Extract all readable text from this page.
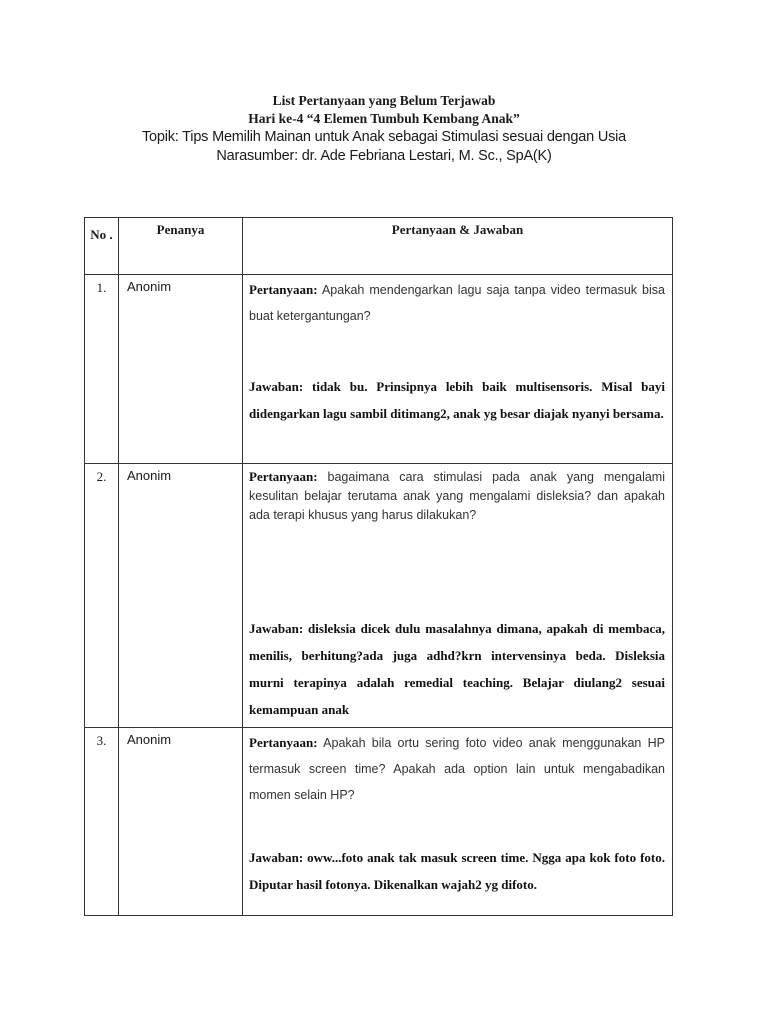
List Pertanyaan yang Belum Terjawab
Hari ke-4 “4 Elemen Tumbuh Kembang Anak”
Topik: Tips Memilih Mainan untuk Anak sebagai Stimulasi sesuai dengan Usia
Narasumber: dr. Ade Febriana Lestari, M. Sc., SpA(K)
No .	Penanya	Pertanyaan & Jawaban
1.	Anonim	Pertanyaan: Apakah mendengarkan lagu saja tanpa video termasuk bisa buat ketergantungan?
Jawaban: tidak bu. Prinsipnya lebih baik multisensoris. Misal bayi didengarkan lagu sambil ditimang2, anak yg besar diajak nyanyi bersama.

2.	Anonim	Pertanyaan: bagaimana cara stimulasi pada anak yang mengalami kesulitan belajar terutama anak yang mengalami disleksia? dan apakah ada terapi khusus yang harus dilakukan?
Jawaban: disleksia dicek dulu masalahnya dimana, apakah di membaca, menilis, berhitung?ada juga adhd?krn intervensinya beda. Disleksia murni terapinya adalah remedial teaching. Belajar diulang2 sesuai kemampuan anak

3.	Anonim	Pertanyaan: Apakah bila ortu sering foto video anak menggunakan HP termasuk screen time? Apakah ada option lain untuk mengabadikan momen selain HP?
Jawaban: oww...foto anak tak masuk screen time. Ngga apa kok foto foto. Diputar hasil fotonya. Dikenalkan wajah2 yg difoto.
